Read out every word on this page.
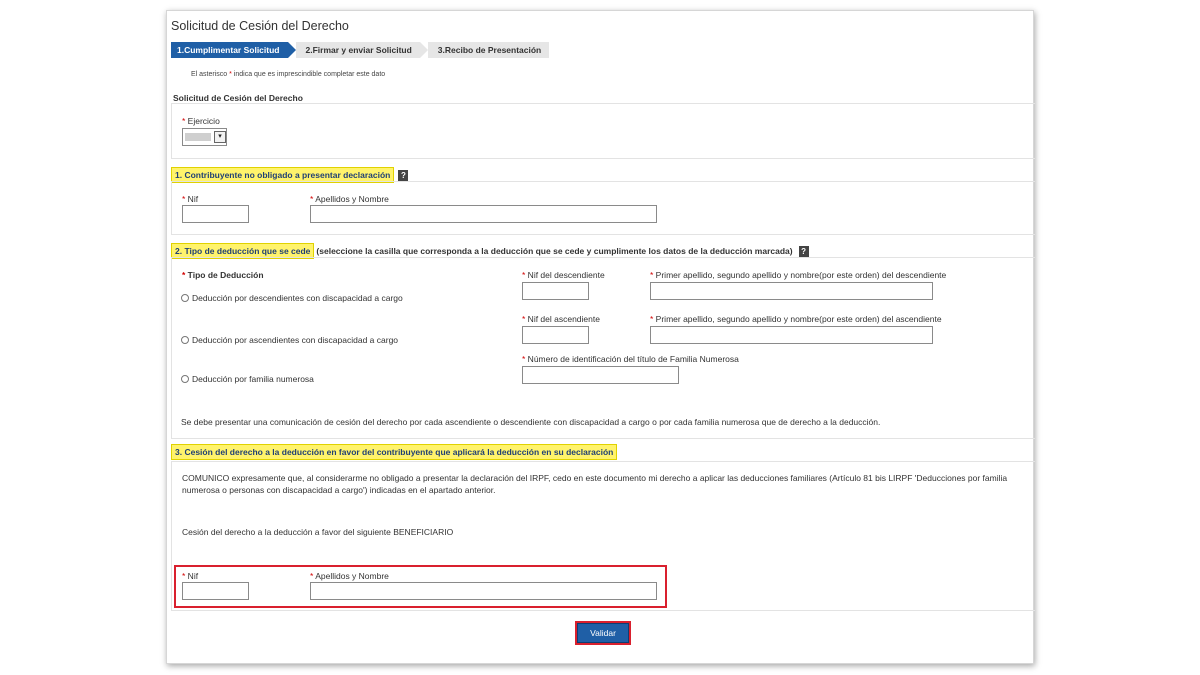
Solicitud de Cesión del Derecho
1.Cumplimentar Solicitud	2.Firmar y enviar Solicitud	3.Recibo de Presentación
El asterisco * indica que es imprescindible completar este dato
Solicitud de Cesión del Derecho
* Ejercicio
▾
1. Contribuyente no obligado a presentar declaración	?
* Nif	* Apellidos y Nombre
2. Tipo de deducción que se cede (seleccione la casilla que corresponda a la deducción que se cede y cumplimente los datos de la deducción marcada)	?
* Tipo de Deducción
Deducción por descendientes con discapacidad a cargo
* Nif del descendiente	* Primer apellido, segundo apellido y nombre(por este orden) del descendiente
Deducción por ascendientes con discapacidad a cargo
* Nif del ascendiente	* Primer apellido, segundo apellido y nombre(por este orden) del ascendiente
Deducción por familia numerosa
* Número de identificación del título de Familia Numerosa
Se debe presentar una comunicación de cesión del derecho por cada ascendiente o descendiente con discapacidad a cargo o por cada familia numerosa que de derecho a la deducción.
3. Cesión del derecho a la deducción en favor del contribuyente que aplicará la deducción en su declaración
COMUNICO expresamente que, al considerarme no obligado a presentar la declaración del IRPF, cedo en este documento mi derecho a aplicar las deducciones familiares (Artículo 81 bis LIRPF 'Deducciones por familia numerosa o personas con discapacidad a cargo') indicadas en el apartado anterior.
Cesión del derecho a la deducción a favor del siguiente BENEFICIARIO
* Nif	* Apellidos y Nombre
Validar
